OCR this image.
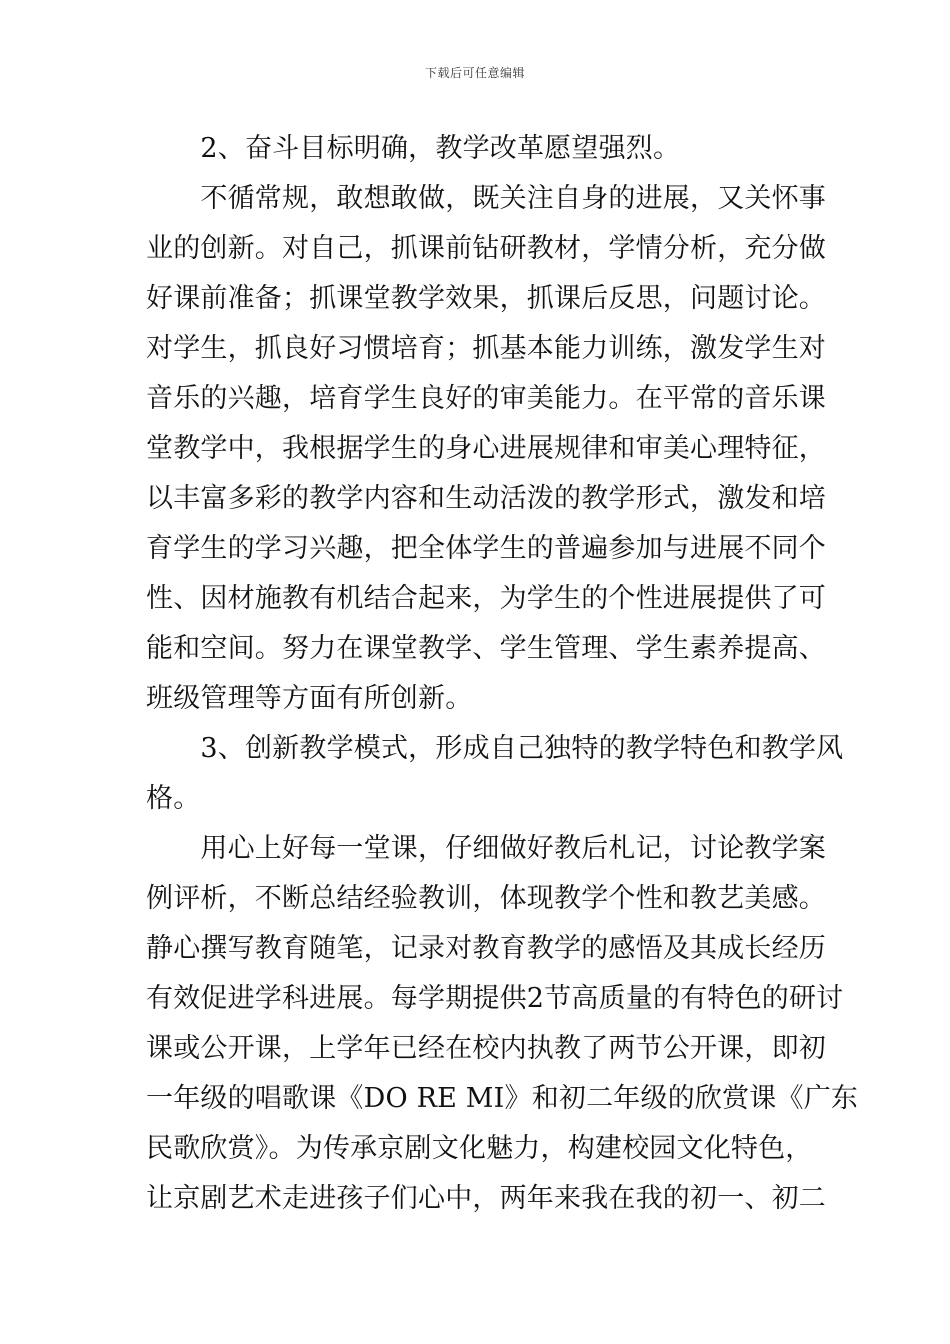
下载后可任意编辑
　　2、奋斗目标明确，教学改革愿望强烈。
　　不循常规，敢想敢做，既关注自身的进展，又关怀事
业的创新。对自己，抓课前钻研教材，学情分析，充分做
好课前准备；抓课堂教学效果，抓课后反思，问题讨论。
对学生，抓良好习惯培育；抓基本能力训练，激发学生对
音乐的兴趣，培育学生良好的审美能力。在平常的音乐课
堂教学中，我根据学生的身心进展规律和审美心理特征，
以丰富多彩的教学内容和生动活泼的教学形式，激发和培
育学生的学习兴趣，把全体学生的普遍参加与进展不同个
性、因材施教有机结合起来，为学生的个性进展提供了可
能和空间。努力在课堂教学、学生管理、学生素养提高、
班级管理等方面有所创新。
　　3、创新教学模式，形成自己独特的教学特色和教学风
格。
　　用心上好每一堂课，仔细做好教后札记，讨论教学案
例评析，不断总结经验教训，体现教学个性和教艺美感。
静心撰写教育随笔，记录对教育教学的感悟及其成长经历
有效促进学科进展。每学期提供2节高质量的有特色的研讨
课或公开课，上学年已经在校内执教了两节公开课，即初
一年级的唱歌课《DO RE MI》和初二年级的欣赏课《广东
民歌欣赏》。为传承京剧文化魅力，构建校园文化特色，
让京剧艺术走进孩子们心中，两年来我在我的初一、初二
